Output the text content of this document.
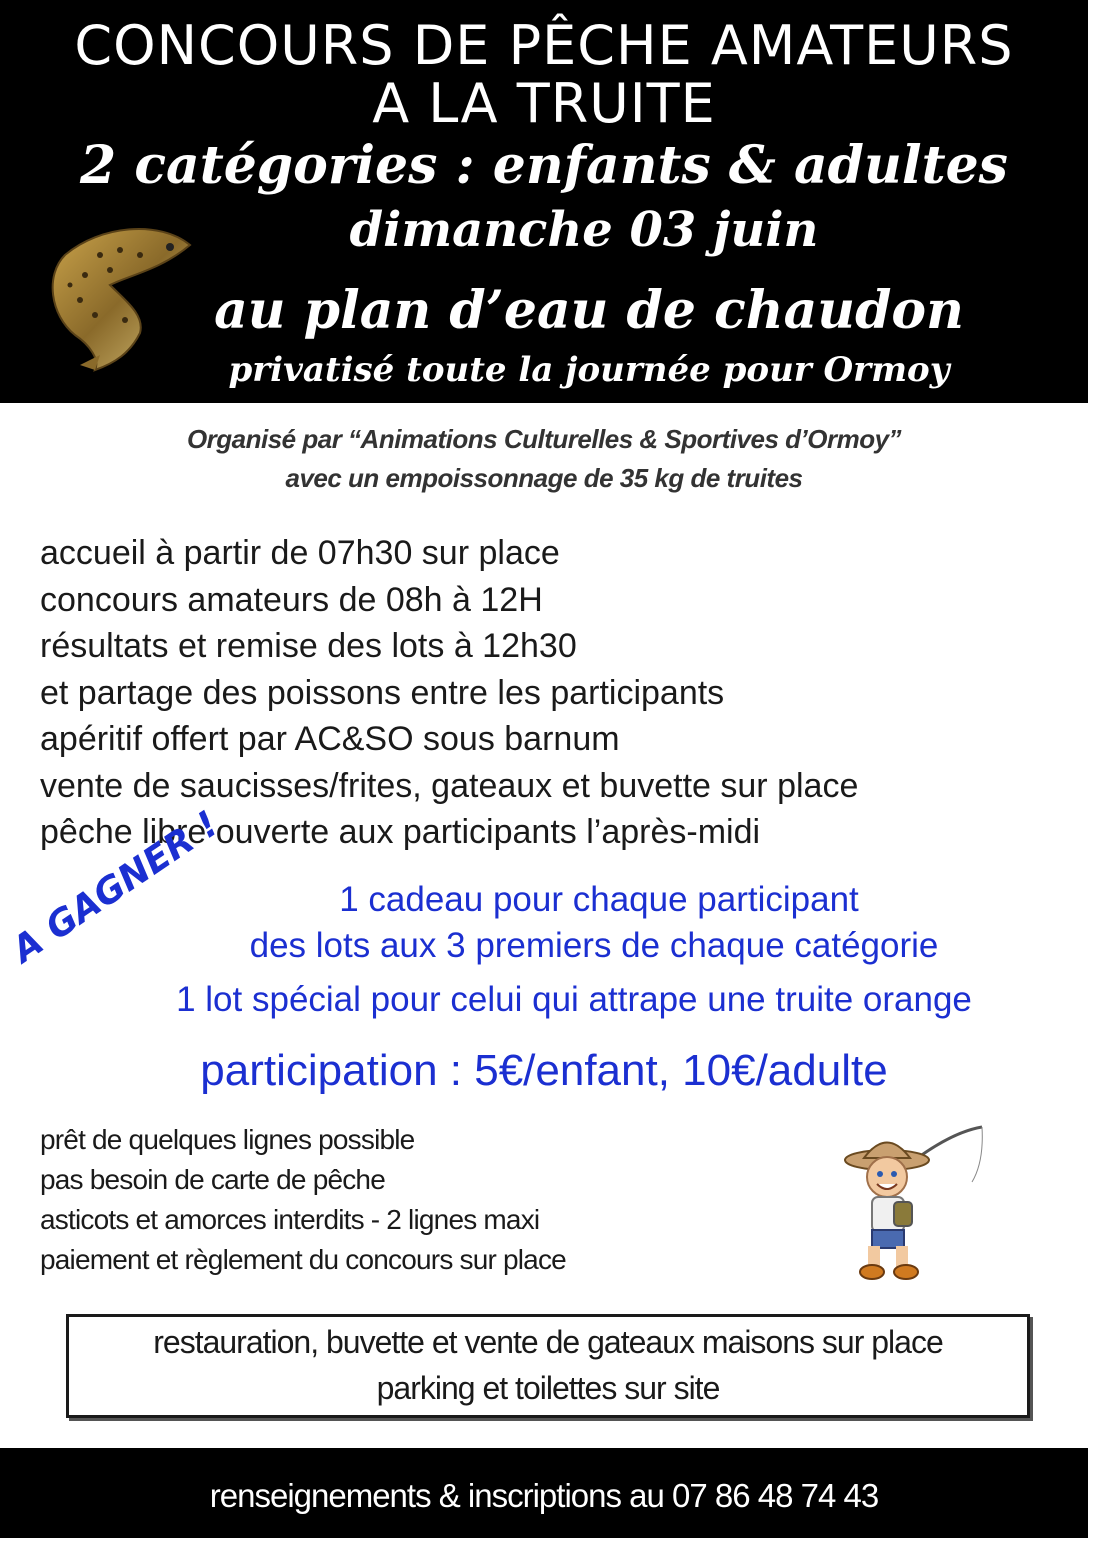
CONCOURS DE PÊCHE AMATEURS
A LA TRUITE
2 catégories : enfants & adultes
dimanche 03 juin
au plan d’eau de chaudon
privatisé toute la journée pour Ormoy
Organisé par “Animations Culturelles & Sportives d’Ormoy”
avec un empoissonnage de 35 kg de truites
accueil à partir de 07h30 sur place
concours amateurs de 08h à 12H
résultats et remise des lots à 12h30
et partage des poissons entre les participants
apéritif offert par AC&SO sous barnum
vente de saucisses/frites, gateaux et buvette sur place
pêche libre ouverte aux participants l’après-midi
A GAGNER !	1 cadeau pour chaque participant
des lots aux 3 premiers de chaque catégorie
1 lot spécial pour celui qui attrape une truite orange
participation : 5€/enfant, 10€/adulte
prêt de quelques lignes possible
pas besoin de carte de pêche
asticots et amorces interdits - 2 lignes maxi
paiement et règlement du concours sur place
restauration, buvette et vente de gateaux maisons sur place
parking et toilettes sur site
renseignements & inscriptions au 07 86 48 74 43
